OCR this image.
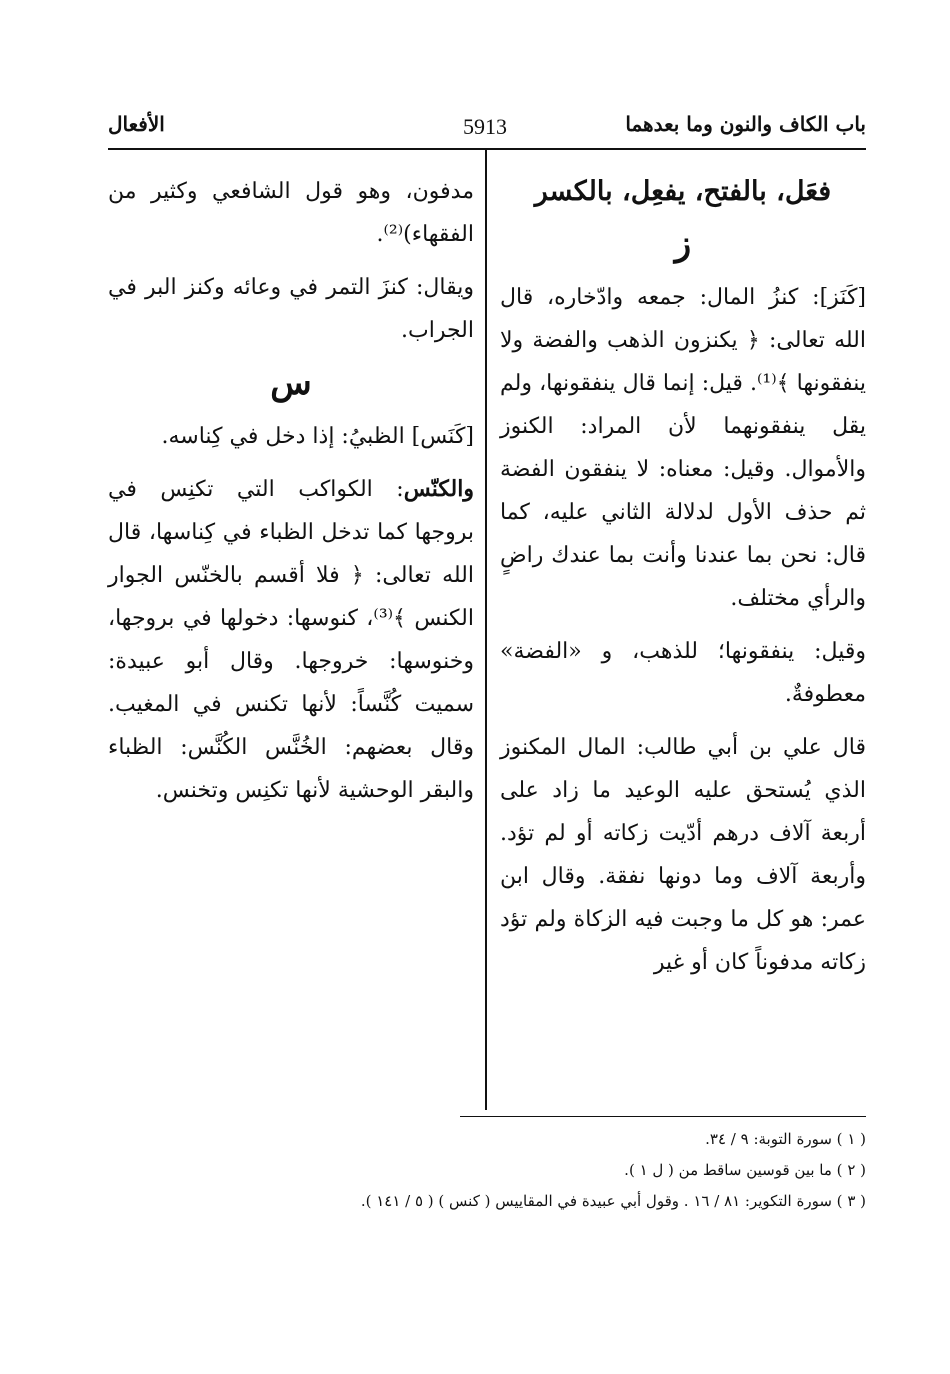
باب الكاف والنون وما بعدهما
5913
الأفعال

فعَل، بالفتح، يفعِل، بالكسر

ز

[كَنَز]: كنزُ المال: جمعه وادّخاره، قال الله تعالى: ﴿ يكنزون الذهب والفضة ولا ينفقونها ﴾⁽¹⁾. قيل: إنما قال ينفقونها، ولم يقل ينفقونهما لأن المراد: الكنوز والأموال. وقيل: معناه: لا ينفقون الفضة ثم حذف الأول لدلالة الثاني عليه، كما قال: نحن بما عندنا وأنت بما عندك راضٍ والرأي مختلف.

وقيل: ينفقونها؛ للذهب، و «الفضة» معطوفةٌ.

قال علي بن أبي طالب: المال المكنوز الذي يُستحق عليه الوعيد ما زاد على أربعة آلاف درهم أدّيت زكاته أو لم تؤد. وأربعة آلاف وما دونها نفقة. وقال ابن عمر: هو كل ما وجبت فيه الزكاة ولم تؤد زكاته مدفوناً كان أو غير

مدفون، وهو قول الشافعي وكثير من الفقهاء)⁽²⁾.

ويقال: كنزَ التمر في وعائه وكنز البر في الجراب.

س

[كَنَس] الظبيُ: إذا دخل في كِناسه.

والكنّس: الكواكب التي تكنِس في بروجها كما تدخل الظباء في كِناسها، قال الله تعالى: ﴿ فلا أقسم بالخنّس الجوار الكنس ﴾⁽³⁾، كنوسها: دخولها في بروجها، وخنوسها: خروجها. وقال أبو عبيدة: سميت كُنَّساً: لأنها تكنس في المغيب. وقال بعضهم: الخُنَّس الكُنَّس: الظباء والبقر الوحشية لأنها تكنِس وتخنس.

( ١ ) سورة التوبة: ٩ / ٣٤.
( ٢ ) ما بين قوسين ساقط من ( ل ١ ).
( ٣ ) سورة التكوير: ٨١ / ١٦ . وقول أبي عبيدة في المقاييس ( كنس ) ( ٥ / ١٤١ ).
